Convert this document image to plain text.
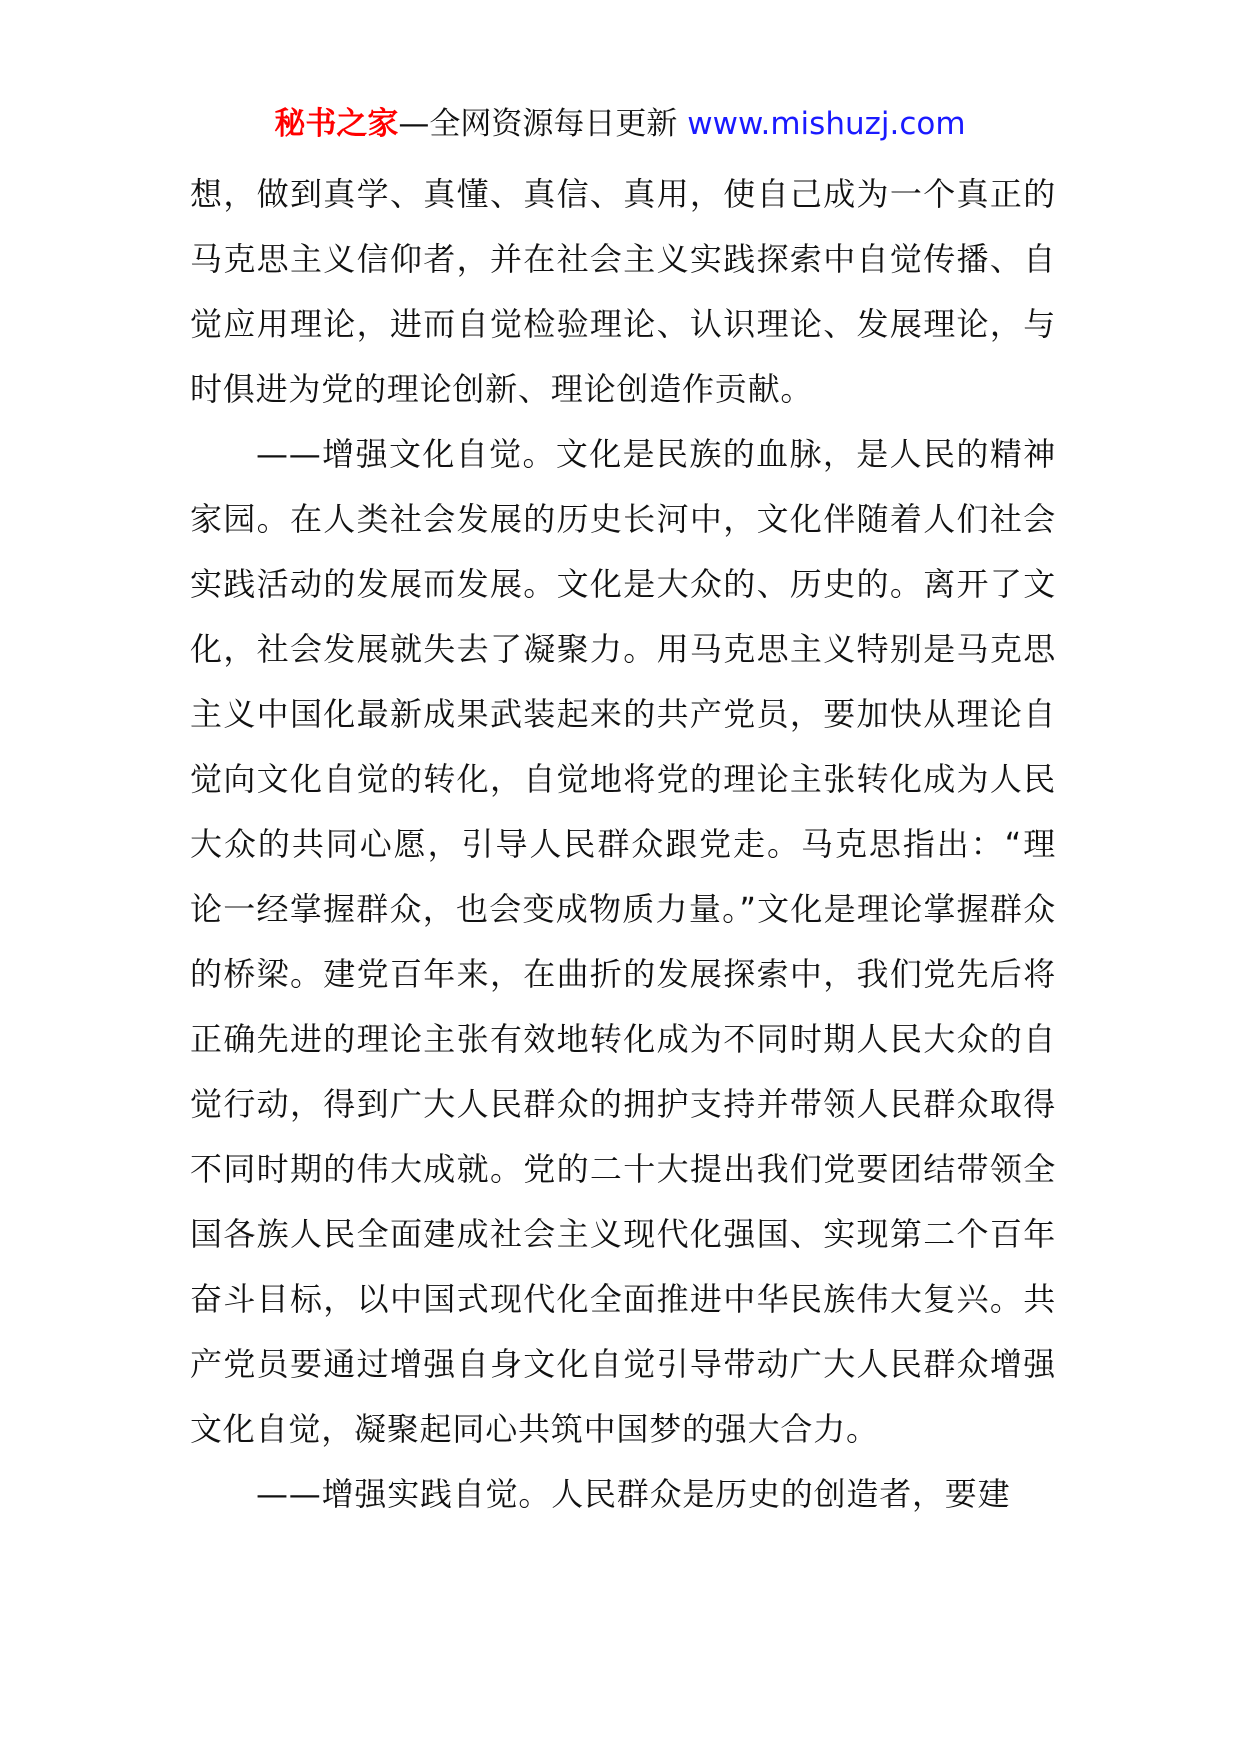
秘书之家—全网资源每日更新 www.mishuzj.com

想，做到真学、真懂、真信、真用，使自己成为一个真正的马克思主义信仰者，并在社会主义实践探索中自觉传播、自觉应用理论，进而自觉检验理论、认识理论、发展理论，与时俱进为党的理论创新、理论创造作贡献。

——增强文化自觉。文化是民族的血脉，是人民的精神家园。在人类社会发展的历史长河中，文化伴随着人们社会实践活动的发展而发展。文化是大众的、历史的。离开了文化，社会发展就失去了凝聚力。用马克思主义特别是马克思主义中国化最新成果武装起来的共产党员，要加快从理论自觉向文化自觉的转化，自觉地将党的理论主张转化成为人民大众的共同心愿，引导人民群众跟党走。马克思指出：“理论一经掌握群众，也会变成物质力量。”文化是理论掌握群众的桥梁。建党百年来，在曲折的发展探索中，我们党先后将正确先进的理论主张有效地转化成为不同时期人民大众的自觉行动，得到广大人民群众的拥护支持并带领人民群众取得不同时期的伟大成就。党的二十大提出我们党要团结带领全国各族人民全面建成社会主义现代化强国、实现第二个百年奋斗目标，以中国式现代化全面推进中华民族伟大复兴。共产党员要通过增强自身文化自觉引导带动广大人民群众增强文化自觉，凝聚起同心共筑中国梦的强大合力。

——增强实践自觉。人民群众是历史的创造者，要建
